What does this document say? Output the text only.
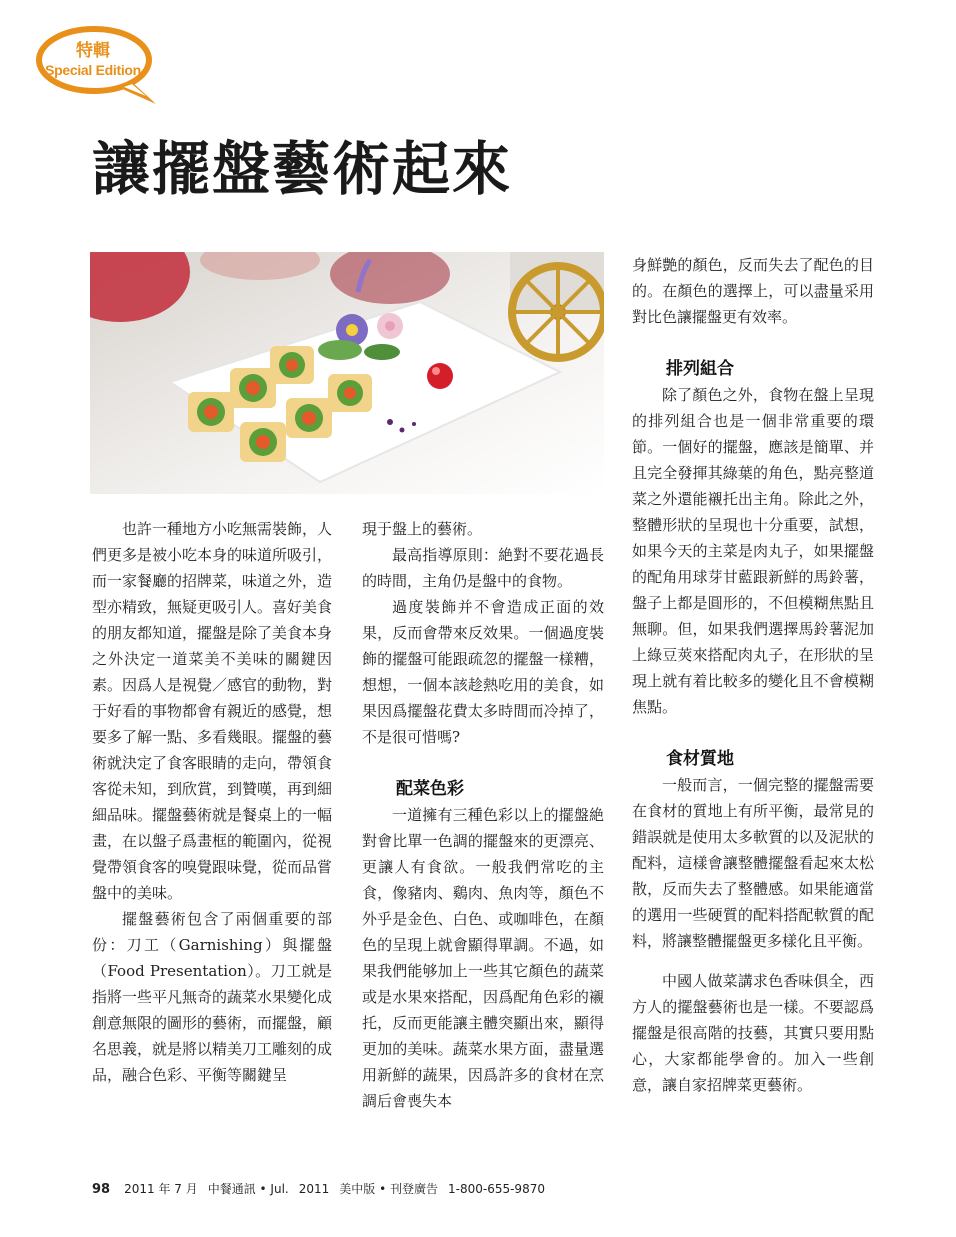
特輯
Special Edition
讓擺盤藝術起來

也許一種地方小吃無需裝飾，人們更多是被小吃本身的味道所吸引，而一家餐廳的招牌菜，味道之外，造型亦精致，無疑更吸引人。喜好美食的朋友都知道，擺盤是除了美食本身之外決定一道菜美不美味的關鍵因素。因爲人是視覺／感官的動物，對于好看的事物都會有親近的感覺，想要多了解一點、多看幾眼。擺盤的藝術就決定了食客眼睛的走向，帶領食客從未知，到欣賞，到贊嘆，再到細細品味。擺盤藝術就是餐桌上的一幅畫，在以盤子爲畫框的範圍內，從視覺帶領食客的嗅覺跟味覺，從而品嘗盤中的美味。

擺盤藝術包含了兩個重要的部份：刀工（Garnishing）與擺盤（Food Presentation）。刀工就是指將一些平凡無奇的蔬菜水果變化成創意無限的圖形的藝術，而擺盤，顧名思義，就是將以精美刀工雕刻的成品，融合色彩、平衡等關鍵呈

現于盤上的藝術。

最高指導原則：絶對不要花過長的時間，主角仍是盤中的食物。

過度裝飾并不會造成正面的效果，反而會帶來反效果。一個過度裝飾的擺盤可能跟疏忽的擺盤一樣糟，想想，一個本該趁熱吃用的美食，如果因爲擺盤花費太多時間而冷掉了，不是很可惜嗎?

配菜色彩

一道擁有三種色彩以上的擺盤絶對會比單一色調的擺盤來的更漂亮、更讓人有食欲。一般我們常吃的主食，像豬肉、鷄肉、魚肉等，顏色不外乎是金色、白色、或咖啡色，在顏色的呈現上就會顯得單調。不過，如果我們能够加上一些其它顏色的蔬菜或是水果來搭配，因爲配角色彩的襯托，反而更能讓主體突顯出來，顯得更加的美味。蔬菜水果方面，盡量選用新鮮的蔬果，因爲許多的食材在烹調后會喪失本

身鮮艶的顏色，反而失去了配色的目的。在顏色的選擇上，可以盡量采用對比色讓擺盤更有效率。

排列組合

除了顏色之外，食物在盤上呈現的排列組合也是一個非常重要的環節。一個好的擺盤，應該是簡單、并且完全發揮其綠葉的角色，點亮整道菜之外還能襯托出主角。除此之外，整體形狀的呈現也十分重要，試想，如果今天的主菜是肉丸子，如果擺盤的配角用球芽甘藍跟新鮮的馬鈴薯，盤子上都是圓形的，不但模糊焦點且無聊。但，如果我們選擇馬鈴薯泥加上綠豆莢來搭配肉丸子，在形狀的呈現上就有着比較多的變化且不會模糊焦點。

食材質地

一般而言，一個完整的擺盤需要在食材的質地上有所平衡，最常見的錯誤就是使用太多軟質的以及泥狀的配料，這樣會讓整體擺盤看起來太松散，反而失去了整體感。如果能適當的選用一些硬質的配料搭配軟質的配料，將讓整體擺盤更多樣化且平衡。

中國人做菜講求色香味俱全，西方人的擺盤藝術也是一樣。不要認爲擺盤是很高階的技藝，其實只要用點心，大家都能學會的。加入一些創意，讓自家招牌菜更藝術。

98 2011 年 7 月 中餐通訊 • Jul. 2011 美中版 • 刊登廣告 1-800-655-9870
